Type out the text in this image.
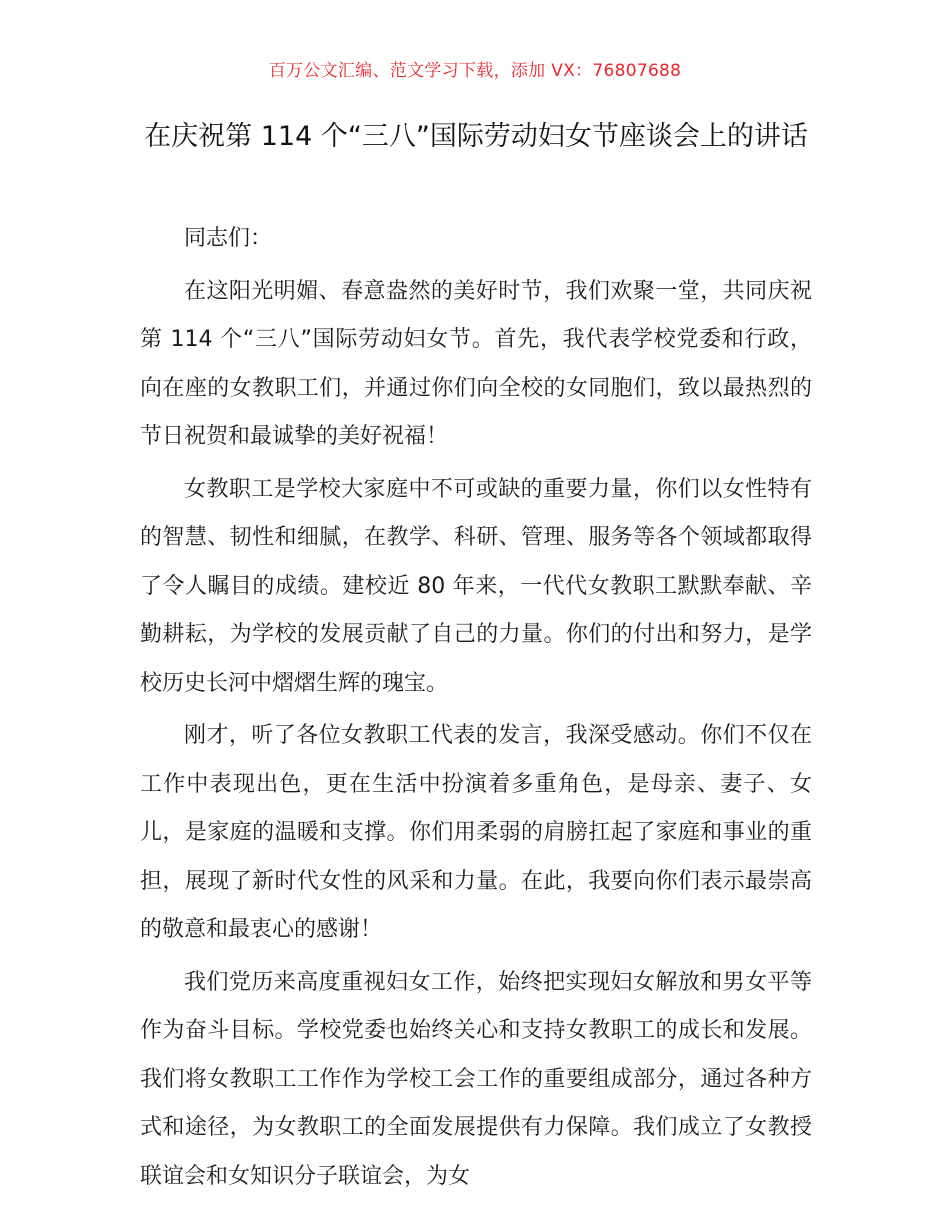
百万公文汇编、范文学习下载，添加 VX：76807688
在庆祝第 114 个“三八”国际劳动妇女节座谈会上的讲话

同志们：

在这阳光明媚、春意盎然的美好时节，我们欢聚一堂，共同庆祝第 114 个“三八”国际劳动妇女节。首先，我代表学校党委和行政，向在座的女教职工们，并通过你们向全校的女同胞们，致以最热烈的节日祝贺和最诚挚的美好祝福！

女教职工是学校大家庭中不可或缺的重要力量，你们以女性特有的智慧、韧性和细腻，在教学、科研、管理、服务等各个领域都取得了令人瞩目的成绩。建校近 80 年来，一代代女教职工默默奉献、辛勤耕耘，为学校的发展贡献了自己的力量。你们的付出和努力，是学校历史长河中熠熠生辉的瑰宝。

刚才，听了各位女教职工代表的发言，我深受感动。你们不仅在工作中表现出色，更在生活中扮演着多重角色，是母亲、妻子、女儿，是家庭的温暖和支撑。你们用柔弱的肩膀扛起了家庭和事业的重担，展现了新时代女性的风采和力量。在此，我要向你们表示最崇高的敬意和最衷心的感谢！

我们党历来高度重视妇女工作，始终把实现妇女解放和男女平等作为奋斗目标。学校党委也始终关心和支持女教职工的成长和发展。我们将女教职工工作作为学校工会工作的重要组成部分，通过各种方式和途径，为女教职工的全面发展提供有力保障。我们成立了女教授联谊会和女知识分子联谊会，为女
